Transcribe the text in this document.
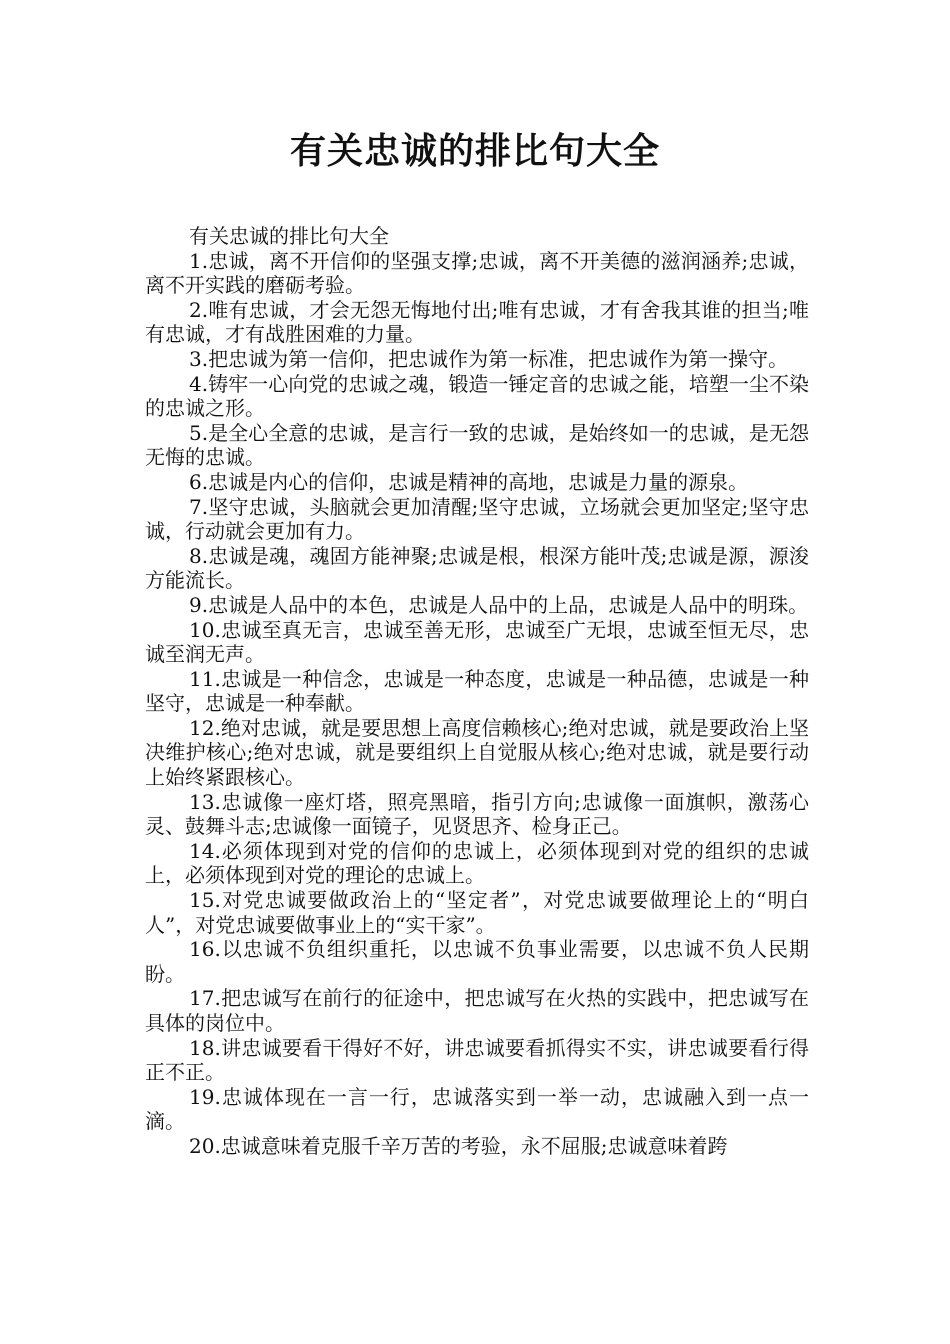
有关忠诚的排比句大全

有关忠诚的排比句大全

1.忠诚，离不开信仰的坚强支撑;忠诚，离不开美德的滋润涵养;忠诚，离不开实践的磨砺考验。

2.唯有忠诚，才会无怨无悔地付出;唯有忠诚，才有舍我其谁的担当;唯有忠诚，才有战胜困难的力量。

3.把忠诚为第一信仰，把忠诚作为第一标准，把忠诚作为第一操守。

4.铸牢一心向党的忠诚之魂，锻造一锤定音的忠诚之能，培塑一尘不染的忠诚之形。

5.是全心全意的忠诚，是言行一致的忠诚，是始终如一的忠诚，是无怨无悔的忠诚。

6.忠诚是内心的信仰，忠诚是精神的高地，忠诚是力量的源泉。

7.坚守忠诚，头脑就会更加清醒;坚守忠诚，立场就会更加坚定;坚守忠诚，行动就会更加有力。

8.忠诚是魂，魂固方能神聚;忠诚是根，根深方能叶茂;忠诚是源，源浚方能流长。

9.忠诚是人品中的本色，忠诚是人品中的上品，忠诚是人品中的明珠。

10.忠诚至真无言，忠诚至善无形，忠诚至广无垠，忠诚至恒无尽，忠诚至润无声。

11.忠诚是一种信念，忠诚是一种态度，忠诚是一种品德，忠诚是一种坚守，忠诚是一种奉献。

12.绝对忠诚，就是要思想上高度信赖核心;绝对忠诚，就是要政治上坚决维护核心;绝对忠诚，就是要组织上自觉服从核心;绝对忠诚，就是要行动上始终紧跟核心。

13.忠诚像一座灯塔，照亮黑暗，指引方向;忠诚像一面旗帜，激荡心灵、鼓舞斗志;忠诚像一面镜子，见贤思齐、检身正己。

14.必须体现到对党的信仰的忠诚上，必须体现到对党的组织的忠诚上，必须体现到对党的理论的忠诚上。

15.对党忠诚要做政治上的“坚定者”，对党忠诚要做理论上的“明白人”，对党忠诚要做事业上的“实干家”。

16.以忠诚不负组织重托，以忠诚不负事业需要，以忠诚不负人民期盼。

17.把忠诚写在前行的征途中，把忠诚写在火热的实践中，把忠诚写在具体的岗位中。

18.讲忠诚要看干得好不好，讲忠诚要看抓得实不实，讲忠诚要看行得正不正。

19.忠诚体现在一言一行，忠诚落实到一举一动，忠诚融入到一点一滴。

20.忠诚意味着克服千辛万苦的考验，永不屈服;忠诚意味着跨
